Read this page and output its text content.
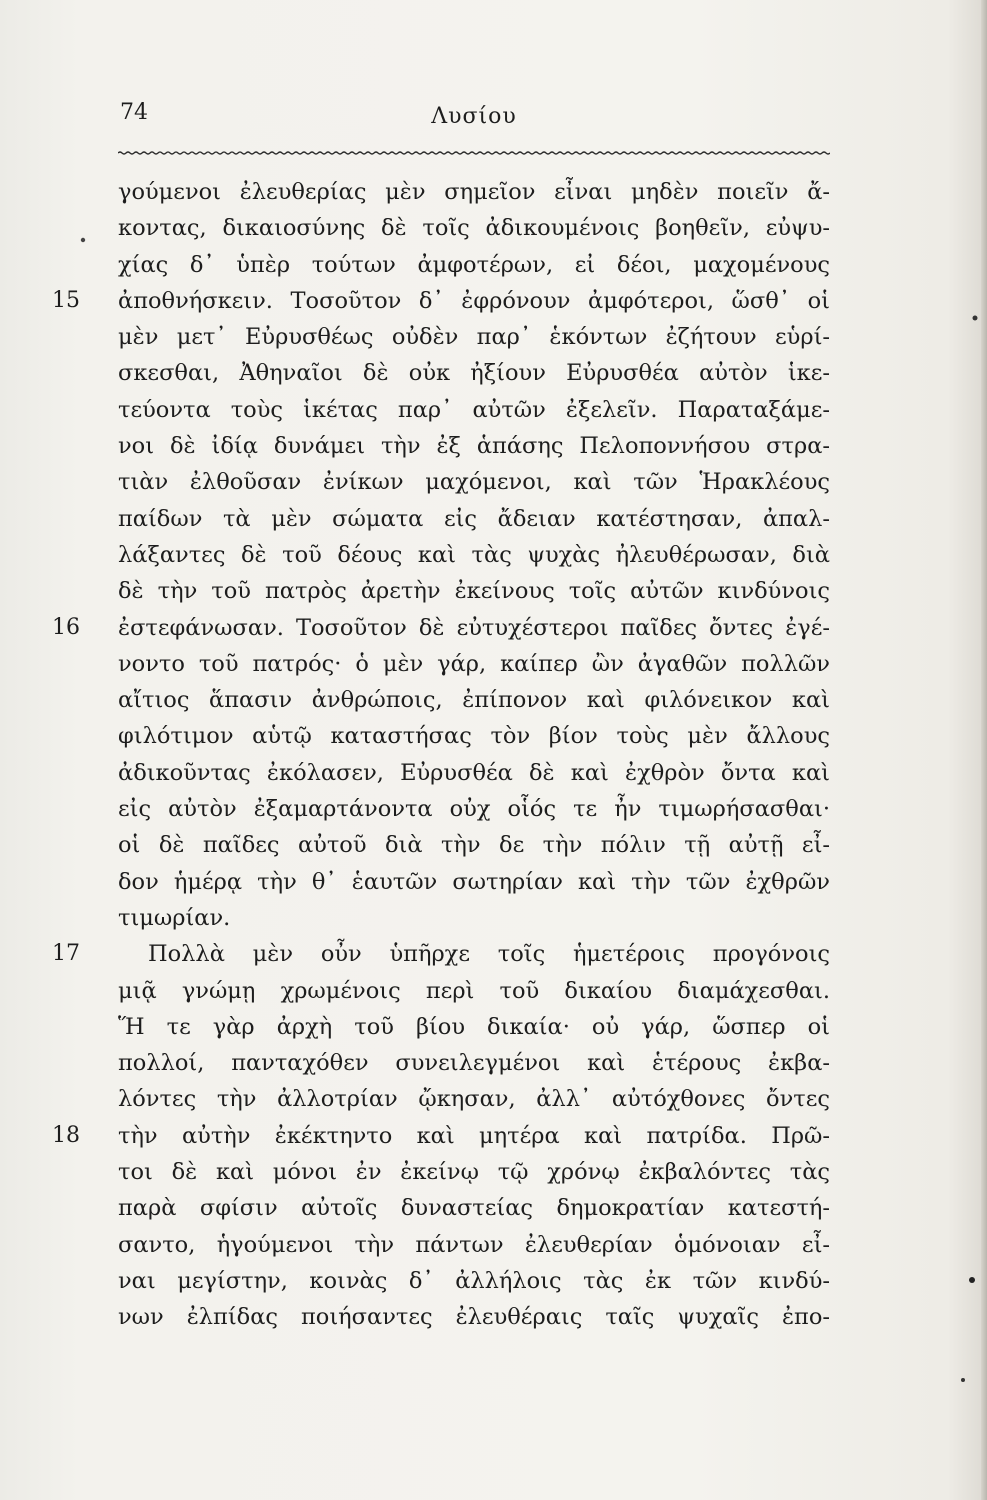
74	Λυσίου
γούμενοι ἐλευθερίας μὲν σημεῖον εἶναι μηδὲν ποιεῖν ἄ-
κοντας, δικαιοσύνης δὲ τοῖς ἀδικουμένοις βοηθεῖν, εὐψυ-
χίας δ᾽ ὑπὲρ τούτων ἀμφοτέρων, εἰ δέοι, μαχομένους
15	ἀποθνήσκειν. Τοσοῦτον δ᾽ ἐφρόνουν ἀμφότεροι, ὥσθ᾽ οἱ
μὲν μετ᾽ Εὐρυσθέως οὐδὲν παρ᾽ ἑκόντων ἐζήτουν εὑρί-
σκεσθαι, Ἀθηναῖοι δὲ οὐκ ἠξίουν Εὐρυσθέα αὐτὸν ἱκε-
τεύοντα τοὺς ἱκέτας παρ᾽ αὐτῶν ἐξελεῖν. Παραταξάμε-
νοι δὲ ἰδίᾳ δυνάμει τὴν ἐξ ἁπάσης Πελοποννήσου στρα-
τιὰν ἐλθοῦσαν ἐνίκων μαχόμενοι, καὶ τῶν Ἡρακλέους
παίδων τὰ μὲν σώματα εἰς ἄδειαν κατέστησαν, ἀπαλ-
λάξαντες δὲ τοῦ δέους καὶ τὰς ψυχὰς ἠλευθέρωσαν, διὰ
δὲ τὴν τοῦ πατρὸς ἀρετὴν ἐκείνους τοῖς αὐτῶν κινδύνοις
16	ἐστεφάνωσαν. Τοσοῦτον δὲ εὐτυχέστεροι παῖδες ὄντες ἐγέ-
νοντο τοῦ πατρός· ὁ μὲν γάρ, καίπερ ὢν ἀγαθῶν πολλῶν
αἴτιος ἅπασιν ἀνθρώποις, ἐπίπονον καὶ φιλόνεικον καὶ
φιλότιμον αὑτῷ καταστήσας τὸν βίον τοὺς μὲν ἄλλους
ἀδικοῦντας ἐκόλασεν, Εὐρυσθέα δὲ καὶ ἐχθρὸν ὄντα καὶ
εἰς αὐτὸν ἐξαμαρτάνοντα οὐχ οἷός τε ἦν τιμωρήσασθαι·
οἱ δὲ παῖδες αὐτοῦ διὰ τὴν δε τὴν πόλιν τῇ αὐτῇ εἶ-
δον ἡμέρᾳ τὴν θ᾽ ἑαυτῶν σωτηρίαν καὶ τὴν τῶν ἐχθρῶν
τιμωρίαν.
17	Πολλὰ μὲν οὖν ὑπῆρχε τοῖς ἡμετέροις προγόνοις
μιᾷ γνώμῃ χρωμένοις περὶ τοῦ δικαίου διαμάχεσθαι.
Ἥ τε γὰρ ἀρχὴ τοῦ βίου δικαία· οὐ γάρ, ὥσπερ οἱ
πολλοί, πανταχόθεν συνειλεγμένοι καὶ ἑτέρους ἐκβα-
λόντες τὴν ἀλλοτρίαν ᾤκησαν, ἀλλ᾽ αὐτόχθονες ὄντες
18	τὴν αὐτὴν ἐκέκτηντο καὶ μητέρα καὶ πατρίδα. Πρῶ-
τοι δὲ καὶ μόνοι ἐν ἐκείνῳ τῷ χρόνῳ ἐκβαλόντες τὰς
παρὰ σφίσιν αὐτοῖς δυναστείας δημοκρατίαν κατεστή-
σαντο, ἡγούμενοι τὴν πάντων ἐλευθερίαν ὁμόνοιαν εἶ-
ναι μεγίστην, κοινὰς δ᾽ ἀλλήλοις τὰς ἐκ τῶν κινδύ-
νων ἐλπίδας ποιήσαντες ἐλευθέραις ταῖς ψυχαῖς ἐπο-
